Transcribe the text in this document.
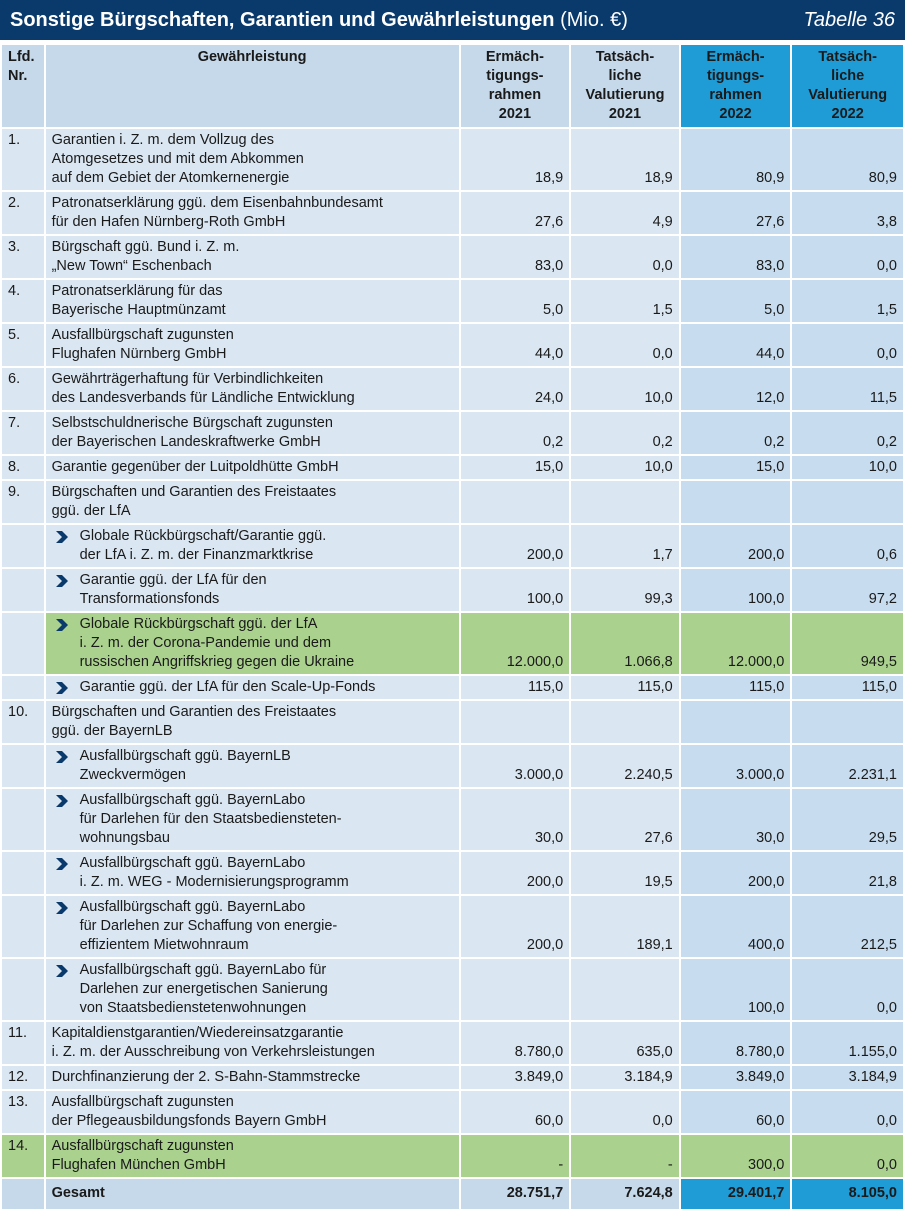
Sonstige Bürgschaften, Garantien und Gewährleistungen (Mio. €)	Tabelle 36
Lfd.
Nr.	Gewährleistung	Ermäch-
tigungs-
rahmen
2021	Tatsäch-
liche
Valutierung
2021	Ermäch-
tigungs-
rahmen
2022	Tatsäch-
liche
Valutierung
2022
1.	Garantien i. Z. m. dem Vollzug des
Atomgesetzes und mit dem Abkommen
auf dem Gebiet der Atomkernenergie	18,9	18,9	80,9	80,9
2.	Patronatserklärung ggü. dem Eisenbahnbundesamt
für den Hafen Nürnberg-Roth GmbH	27,6	4,9	27,6	3,8
3.	Bürgschaft ggü. Bund i. Z. m.
„New Town“ Eschenbach	83,0	0,0	83,0	0,0
4.	Patronatserklärung für das
Bayerische Hauptmünzamt	5,0	1,5	5,0	1,5
5.	Ausfallbürgschaft zugunsten
Flughafen Nürnberg GmbH	44,0	0,0	44,0	0,0
6.	Gewährträgerhaftung für Verbindlichkeiten
des Landesverbands für Ländliche Entwicklung	24,0	10,0	12,0	11,5
7.	Selbstschuldnerische Bürgschaft zugunsten
der Bayerischen Landeskraftwerke GmbH	0,2	0,2	0,2	0,2
8.	Garantie gegenüber der Luitpoldhütte GmbH	15,0	10,0	15,0	10,0
9.	Bürgschaften und Garantien des Freistaates
ggü. der LfA				

Globale Rückbürgschaft/Garantie ggü.
der LfA i. Z. m. der Finanzmarktkrise	200,0	1,7	200,0	0,6

Garantie ggü. der LfA für den
Transformationsfonds	100,0	99,3	100,0	97,2

Globale Rückbürgschaft ggü. der LfA
i. Z. m. der Corona-Pandemie und dem
russischen Angriffskrieg gegen die Ukraine	12.000,0	1.066,8	12.000,0	949,5

Garantie ggü. der LfA für den Scale-Up-Fonds	115,0	115,0	115,0	115,0
10.	Bürgschaften und Garantien des Freistaates
ggü. der BayernLB				

Ausfallbürgschaft ggü. BayernLB
Zweckvermögen	3.000,0	2.240,5	3.000,0	2.231,1

Ausfallbürgschaft ggü. BayernLabo
für Darlehen für den Staatsbediensteten-
wohnungsbau	30,0	27,6	30,0	29,5

Ausfallbürgschaft ggü. BayernLabo
i. Z. m. WEG - Modernisierungsprogramm	200,0	19,5	200,0	21,8

Ausfallbürgschaft ggü. BayernLabo
für Darlehen zur Schaffung von energie-
effizientem Mietwohnraum	200,0	189,1	400,0	212,5

Ausfallbürgschaft ggü. BayernLabo für
Darlehen zur energetischen Sanierung
von Staatsbedienstetenwohnungen			100,0	0,0
11.	Kapitaldienstgarantien/Wiedereinsatzgarantie
i. Z. m. der Ausschreibung von Verkehrsleistungen	8.780,0	635,0	8.780,0	1.155,0
12.	Durchfinanzierung der 2. S-Bahn-Stammstrecke	3.849,0	3.184,9	3.849,0	3.184,9
13.	Ausfallbürgschaft zugunsten
der Pflegeausbildungsfonds Bayern GmbH	60,0	0,0	60,0	0,0
14.	Ausfallbürgschaft zugunsten
Flughafen München GmbH	-	-	300,0	0,0
	Gesamt	28.751,7	7.624,8	29.401,7	8.105,0
